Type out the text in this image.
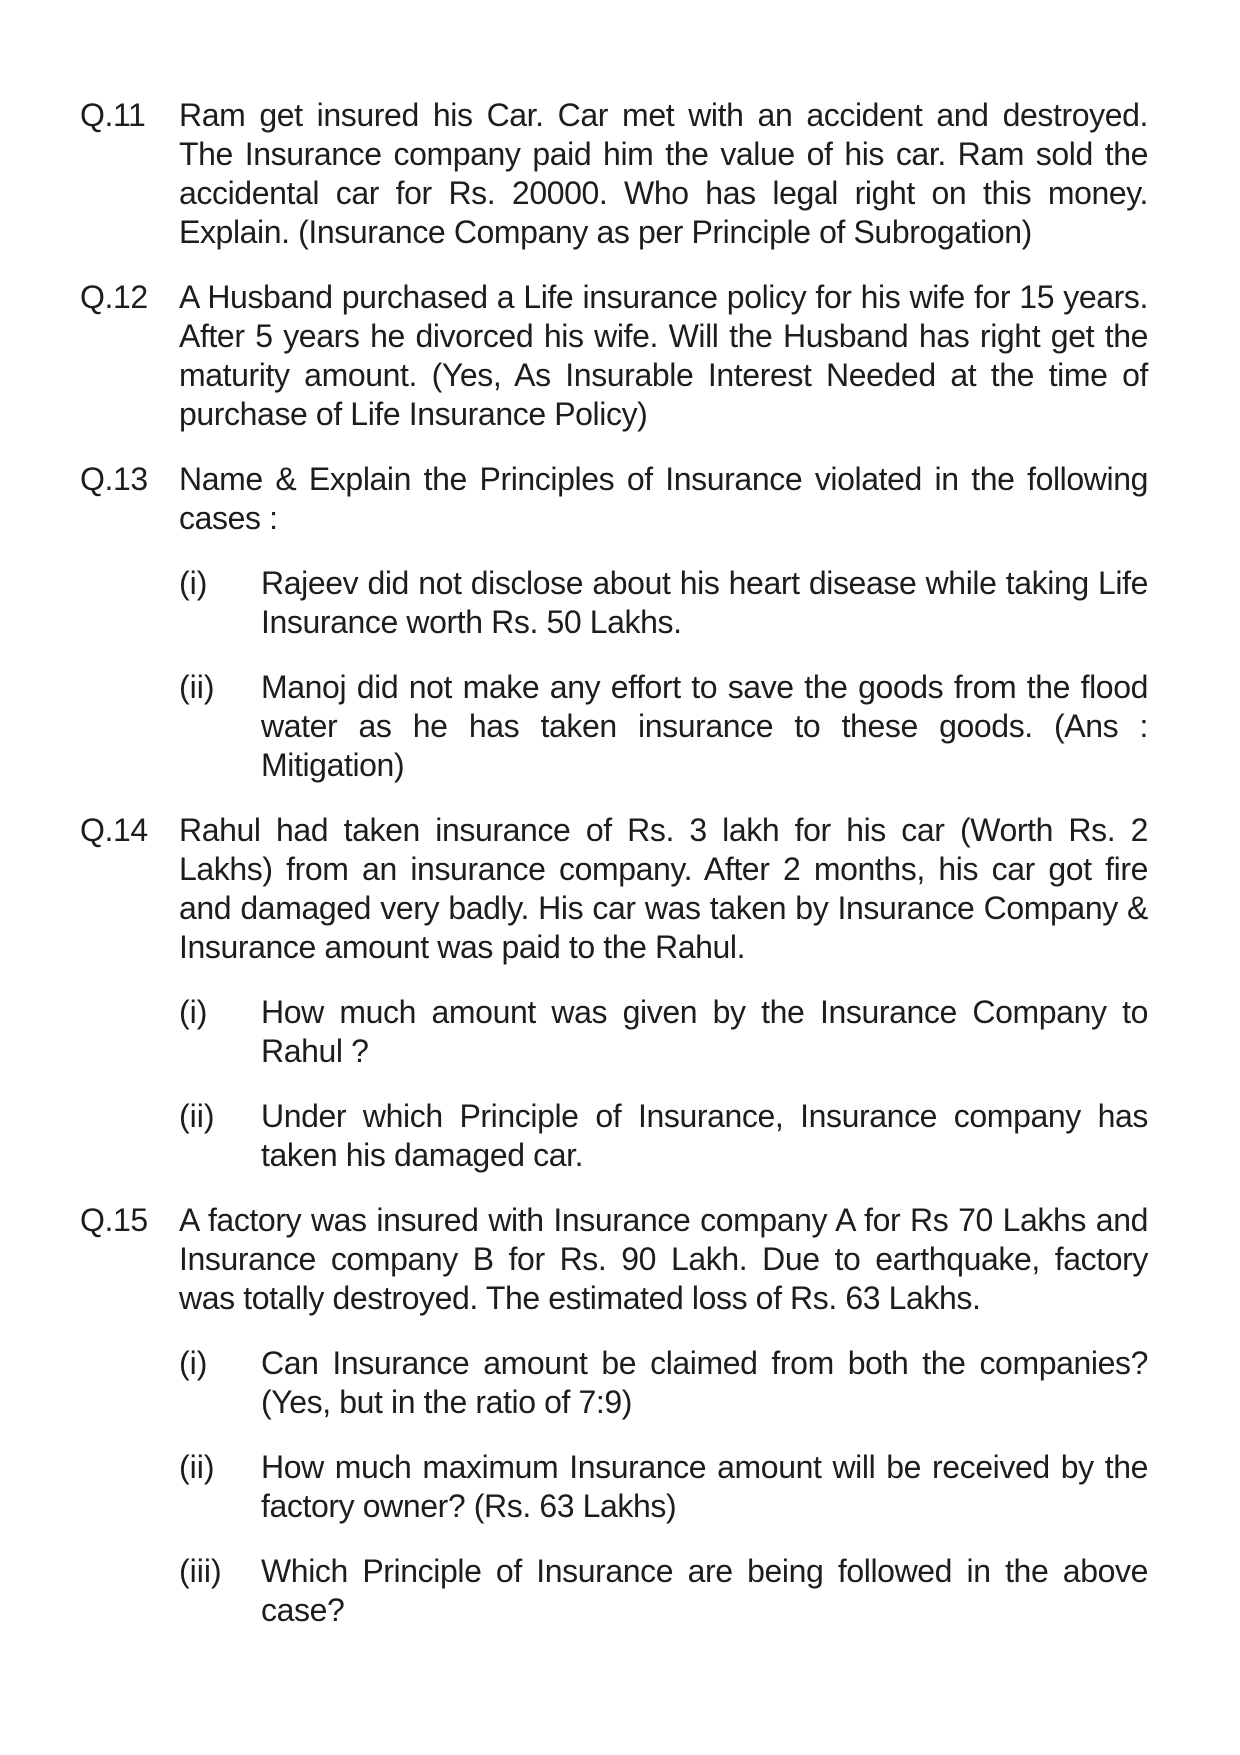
Q.11	Ram get insured his Car. Car met with an accident and destroyed. The Insurance company paid him the value of his car. Ram sold the accidental car for Rs. 20000. Who has legal right on this money. Explain. (Insurance Company as per Principle of Subrogation)

Q.12 A Husband purchased a Life insurance policy for his wife for 15 years. After 5 years he divorced his wife. Will the Husband has right get the maturity amount. (Yes, As Insurable Interest Needed at the time of purchase of Life Insurance Policy)

Q.13 Name & Explain the Principles of Insurance violated in the following cases :

(i)	Rajeev did not disclose about his heart disease while taking Life Insurance worth Rs. 50 Lakhs.

(ii)	Manoj did not make any effort to save the goods from the flood water as he has taken insurance to these goods. (Ans : Mitigation)

Q.14 Rahul had taken insurance of Rs. 3 lakh for his car (Worth Rs. 2 Lakhs) from an insurance company. After 2 months, his car got fire and damaged very badly. His car was taken by Insurance Company & Insurance amount was paid to the Rahul.

(i)	How much amount was given by the Insurance Company to Rahul ?

(ii)	Under which Principle of Insurance, Insurance company has taken his damaged car.

Q.15 A factory was insured with Insurance company A for Rs 70 Lakhs and Insurance company B for Rs. 90 Lakh. Due to earthquake, factory was totally destroyed. The estimated loss of Rs. 63 Lakhs.

(i)	Can Insurance amount be claimed from both the companies? (Yes, but in the ratio of 7:9)

(ii)	How much maximum Insurance amount will be received by the factory owner? (Rs. 63 Lakhs)

(iii)	Which Principle of Insurance are being followed in the above case?
